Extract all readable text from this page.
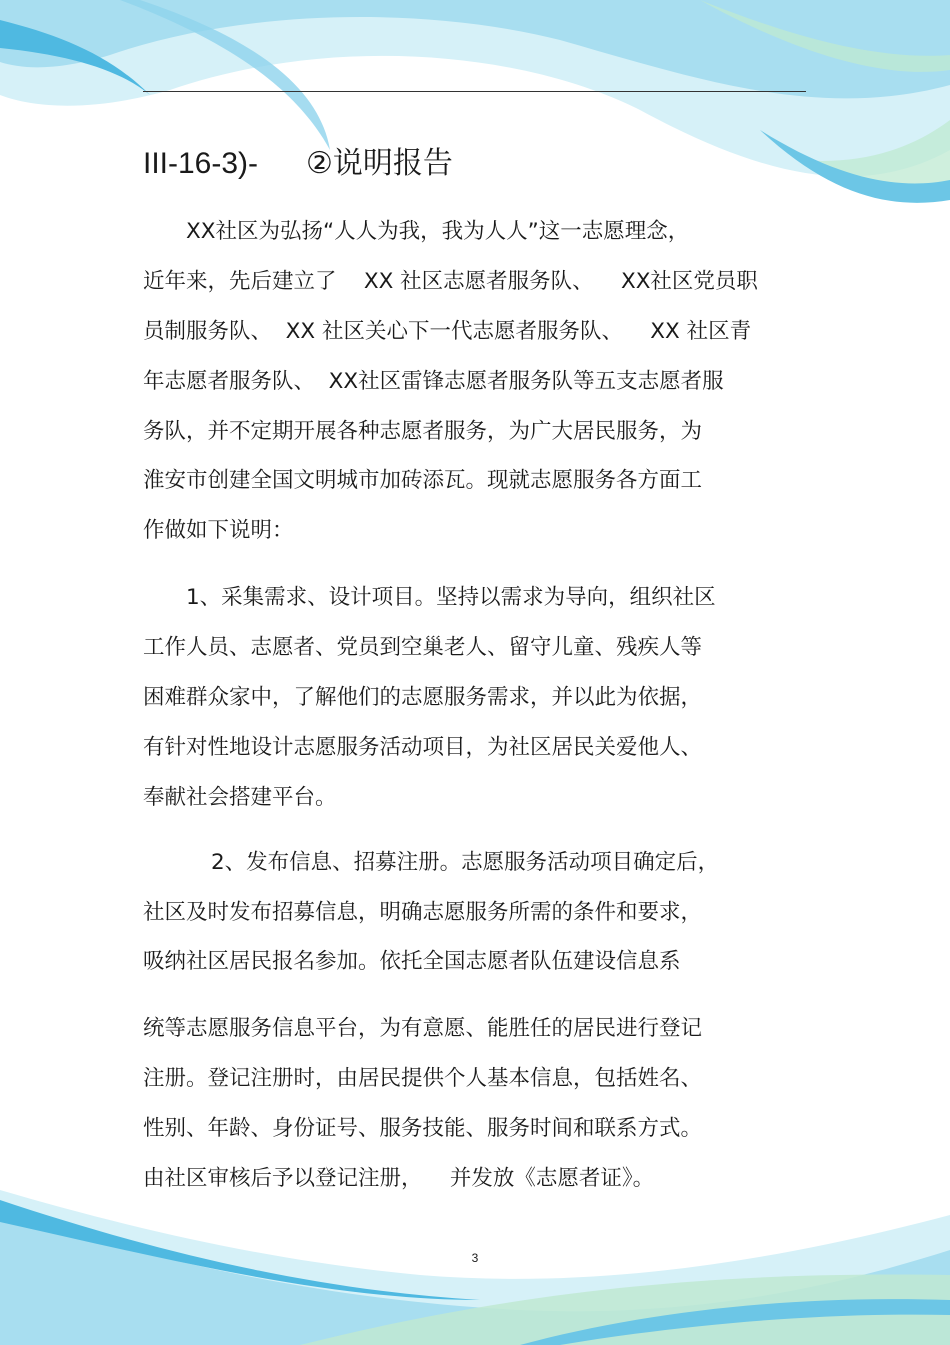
III-16-3)- ②说明报告
XX社区为弘扬“人人为我，我为人人”这一志愿理念，
近年来，先后建立了    XX 社区志愿者服务队、    XX社区党员职
员制服务队、  XX 社区关心下一代志愿者服务队、    XX 社区青
年志愿者服务队、  XX社区雷锋志愿者服务队等五支志愿者服
务队，并不定期开展各种志愿者服务，为广大居民服务，为
淮安市创建全国文明城市加砖添瓦。现就志愿服务各方面工
作做如下说明：
1、采集需求、设计项目。坚持以需求为导向，组织社区
工作人员、志愿者、党员到空巢老人、留守儿童、残疾人等
困难群众家中，了解他们的志愿服务需求，并以此为依据，
有针对性地设计志愿服务活动项目，为社区居民关爱他人、
奉献社会搭建平台。
2、发布信息、招募注册。志愿服务活动项目确定后，
社区及时发布招募信息，明确志愿服务所需的条件和要求，
吸纳社区居民报名参加。依托全国志愿者队伍建设信息系
统等志愿服务信息平台，为有意愿、能胜任的居民进行登记
注册。登记注册时，由居民提供个人基本信息，包括姓名、
性别、年龄、身份证号、服务技能、服务时间和联系方式。
由社区审核后予以登记注册，    并发放《志愿者证》。
3
